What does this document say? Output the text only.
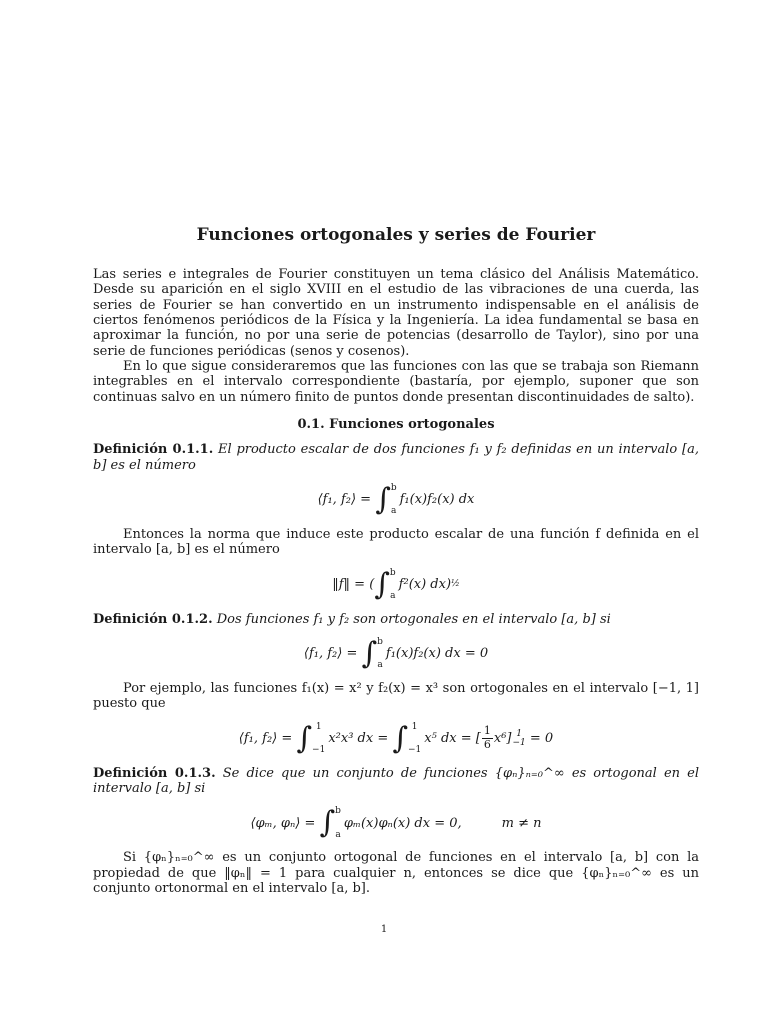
Funciones ortogonales y series de Fourier

Las series e integrales de Fourier constituyen un tema clásico del Análisis Matemático. Desde su aparición en el siglo XVIII en el estudio de las vibraciones de una cuerda, las series de Fourier se han convertido en un instrumento indispensable en el análisis de ciertos fenómenos periódicos de la Física y la Ingeniería. La idea fundamental se basa en aproximar la función, no por una serie de potencias (desarrollo de Taylor), sino por una serie de funciones periódicas (senos y cosenos).

En lo que sigue consideraremos que las funciones con las que se trabaja son Riemann integrables en el intervalo correspondiente (bastaría, por ejemplo, suponer que son continuas salvo en un número finito de puntos donde presentan discontinuidades de salto).

0.1. Funciones ortogonales

Definición 0.1.1. El producto escalar de dos funciones f₁ y f₂ definidas en un intervalo [a, b] es el número

⟨f₁, f₂⟩ =
∫ b
a
f₁(x)f₂(x) dx

Entonces la norma que induce este producto escalar de una función f definida en el intervalo [a, b] es el número

‖f‖ = ( ∫ b
a
f²(x) dx) ½

Definición 0.1.2. Dos funciones f₁ y f₂ son ortogonales en el intervalo [a, b] si

⟨f₁, f₂⟩ =
∫ b
a
f₁(x)f₂(x) dx = 0

Por ejemplo, las funciones f₁(x) = x² y f₂(x) = x³ son ortogonales en el intervalo [−1, 1] puesto que

⟨f₁, f₂⟩ =
∫ 1
−1
x²x³ dx =
∫ 1
−1
x⁵ dx = [ $\frac{1}{6} x^6$] 1
−1
= 0

Definición 0.1.3. Se dice que un conjunto de funciones {φₙ}ₙ₌₀^∞ es ortogonal en el intervalo [a, b] si

⟨φₘ, φₙ⟩ =
∫ b
a
φₘ(x)φₙ(x) dx = 0,	m ≠ n

Si {φₙ}ₙ₌₀^∞ es un conjunto ortogonal de funciones en el intervalo [a, b] con la propiedad de que ‖φₙ‖ = 1 para cualquier n, entonces se dice que {φₙ}ₙ₌₀^∞ es un conjunto ortonormal en el intervalo [a, b].

1
